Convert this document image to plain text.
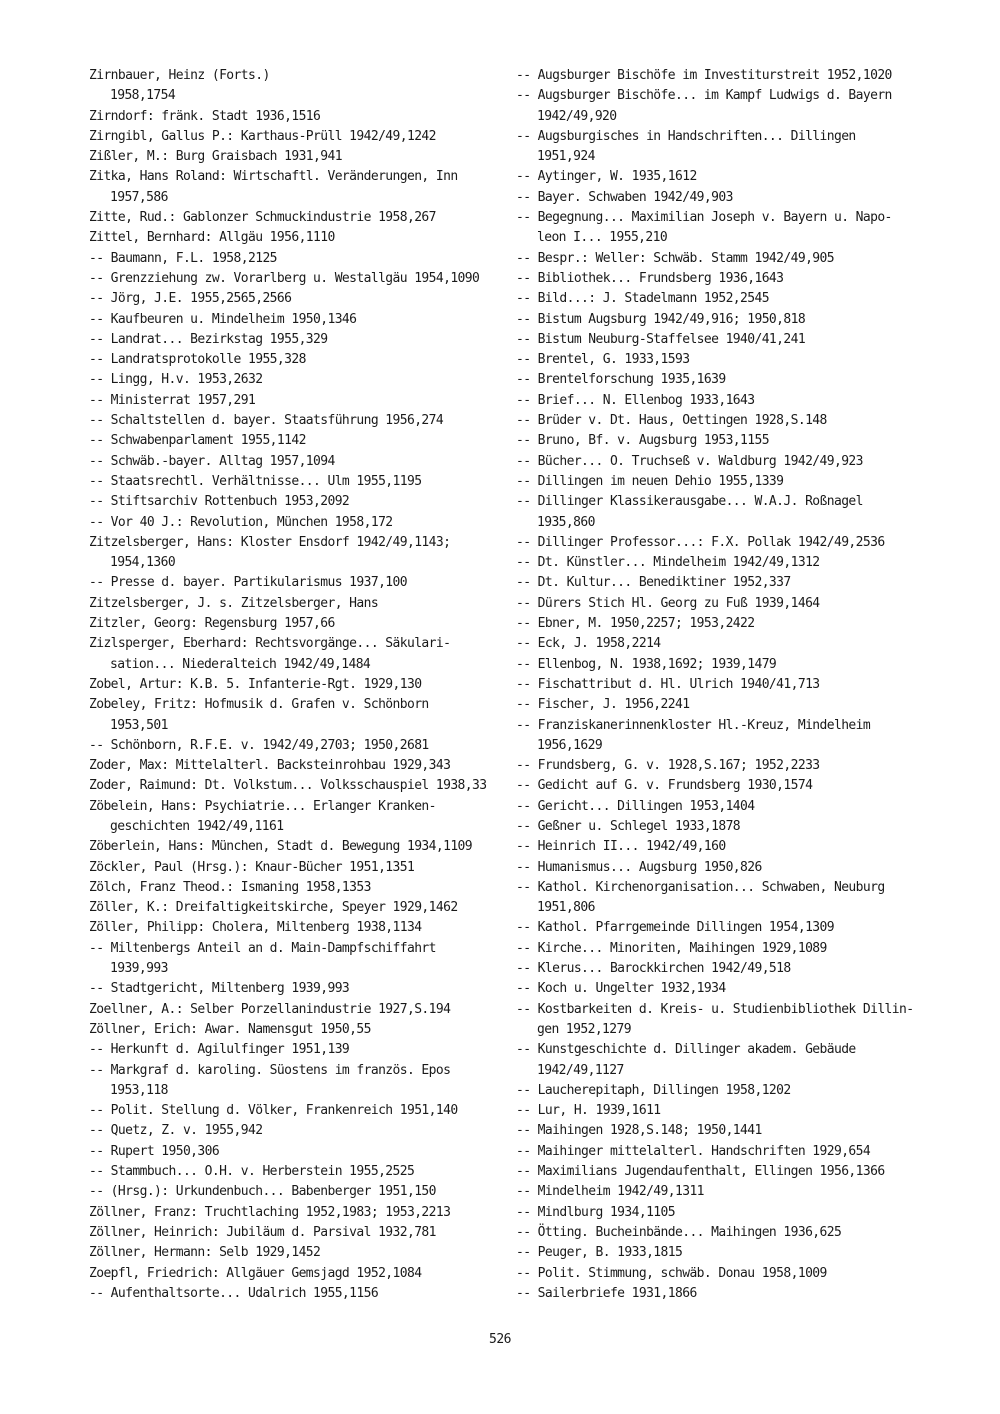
Zirnbauer, Heinz (Forts.)
1958,1754
Zirndorf: fränk. Stadt 1936,1516
Zirngibl, Gallus P.: Karthaus-Prüll 1942/49,1242
Zißler, M.: Burg Graisbach 1931,941
Zitka, Hans Roland: Wirtschaftl. Veränderungen, Inn
1957,586
Zitte, Rud.: Gablonzer Schmuckindustrie 1958,267
Zittel, Bernhard: Allgäu 1956,1110
-- Baumann, F.L. 1958,2125
-- Grenzziehung zw. Vorarlberg u. Westallgäu 1954,1090
-- Jörg, J.E. 1955,2565,2566
-- Kaufbeuren u. Mindelheim 1950,1346
-- Landrat... Bezirkstag 1955,329
-- Landratsprotokolle 1955,328
-- Lingg, H.v. 1953,2632
-- Ministerrat 1957,291
-- Schaltstellen d. bayer. Staatsführung 1956,274
-- Schwabenparlament 1955,1142
-- Schwäb.-bayer. Alltag 1957,1094
-- Staatsrechtl. Verhältnisse... Ulm 1955,1195
-- Stiftsarchiv Rottenbuch 1953,2092
-- Vor 40 J.: Revolution, München 1958,172
Zitzelsberger, Hans: Kloster Ensdorf 1942/49,1143;
1954,1360
-- Presse d. bayer. Partikularismus 1937,100
Zitzelsberger, J. s. Zitzelsberger, Hans
Zitzler, Georg: Regensburg 1957,66
Zizlsperger, Eberhard: Rechtsvorgänge... Säkulari-
sation... Niederalteich 1942/49,1484
Zobel, Artur: K.B. 5. Infanterie-Rgt. 1929,130
Zobeley, Fritz: Hofmusik d. Grafen v. Schönborn
1953,501
-- Schönborn, R.F.E. v. 1942/49,2703; 1950,2681
Zoder, Max: Mittelalterl. Backsteinrohbau 1929,343
Zoder, Raimund: Dt. Volkstum... Volksschauspiel 1938,33
Zöbelein, Hans: Psychiatrie... Erlanger Kranken-
geschichten 1942/49,1161
Zöberlein, Hans: München, Stadt d. Bewegung 1934,1109
Zöckler, Paul (Hrsg.): Knaur-Bücher 1951,1351
Zölch, Franz Theod.: Ismaning 1958,1353
Zöller, K.: Dreifaltigkeitskirche, Speyer 1929,1462
Zöller, Philipp: Cholera, Miltenberg 1938,1134
-- Miltenbergs Anteil an d. Main-Dampfschiffahrt
1939,993
-- Stadtgericht, Miltenberg 1939,993
Zoellner, A.: Selber Porzellanindustrie 1927,S.194
Zöllner, Erich: Awar. Namensgut 1950,55
-- Herkunft d. Agilulfinger 1951,139
-- Markgraf d. karoling. Süostens im französ. Epos
1953,118
-- Polit. Stellung d. Völker, Frankenreich 1951,140
-- Quetz, Z. v. 1955,942
-- Rupert 1950,306
-- Stammbuch... O.H. v. Herberstein 1955,2525
-- (Hrsg.): Urkundenbuch... Babenberger 1951,150
Zöllner, Franz: Truchtlaching 1952,1983; 1953,2213
Zöllner, Heinrich: Jubiläum d. Parsival 1932,781
Zöllner, Hermann: Selb 1929,1452
Zoepfl, Friedrich: Allgäuer Gemsjagd 1952,1084
-- Aufenthaltsorte... Udalrich 1955,1156
-- Augsburger Bischöfe im Investiturstreit 1952,1020
-- Augsburger Bischöfe... im Kampf Ludwigs d. Bayern
1942/49,920
-- Augsburgisches in Handschriften... Dillingen
1951,924
-- Aytinger, W. 1935,1612
-- Bayer. Schwaben 1942/49,903
-- Begegnung... Maximilian Joseph v. Bayern u. Napo-
leon I... 1955,210
-- Bespr.: Weller: Schwäb. Stamm 1942/49,905
-- Bibliothek... Frundsberg 1936,1643
-- Bild...: J. Stadelmann 1952,2545
-- Bistum Augsburg 1942/49,916; 1950,818
-- Bistum Neuburg-Staffelsee 1940/41,241
-- Brentel, G. 1933,1593
-- Brentelforschung 1935,1639
-- Brief... N. Ellenbog 1933,1643
-- Brüder v. Dt. Haus, Oettingen 1928,S.148
-- Bruno, Bf. v. Augsburg 1953,1155
-- Bücher... O. Truchseß v. Waldburg 1942/49,923
-- Dillingen im neuen Dehio 1955,1339
-- Dillinger Klassikerausgabe... W.A.J. Roßnagel
1935,860
-- Dillinger Professor...: F.X. Pollak 1942/49,2536
-- Dt. Künstler... Mindelheim 1942/49,1312
-- Dt. Kultur... Benediktiner 1952,337
-- Dürers Stich Hl. Georg zu Fuß 1939,1464
-- Ebner, M. 1950,2257; 1953,2422
-- Eck, J. 1958,2214
-- Ellenbog, N. 1938,1692; 1939,1479
-- Fischattribut d. Hl. Ulrich 1940/41,713
-- Fischer, J. 1956,2241
-- Franziskanerinnenkloster Hl.-Kreuz, Mindelheim
1956,1629
-- Frundsberg, G. v. 1928,S.167; 1952,2233
-- Gedicht auf G. v. Frundsberg 1930,1574
-- Gericht... Dillingen 1953,1404
-- Geßner u. Schlegel 1933,1878
-- Heinrich II... 1942/49,160
-- Humanismus... Augsburg 1950,826
-- Kathol. Kirchenorganisation... Schwaben, Neuburg
1951,806
-- Kathol. Pfarrgemeinde Dillingen 1954,1309
-- Kirche... Minoriten, Maihingen 1929,1089
-- Klerus... Barockkirchen 1942/49,518
-- Koch u. Ungelter 1932,1934
-- Kostbarkeiten d. Kreis- u. Studienbibliothek Dillin-
gen 1952,1279
-- Kunstgeschichte d. Dillinger akadem. Gebäude
1942/49,1127
-- Laucherepitaph, Dillingen 1958,1202
-- Lur, H. 1939,1611
-- Maihingen 1928,S.148; 1950,1441
-- Maihinger mittelalterl. Handschriften 1929,654
-- Maximilians Jugendaufenthalt, Ellingen 1956,1366
-- Mindelheim 1942/49,1311
-- Mindlburg 1934,1105
-- Ötting. Bucheinbände... Maihingen 1936,625
-- Peuger, B. 1933,1815
-- Polit. Stimmung, schwäb. Donau 1958,1009
-- Sailerbriefe 1931,1866
526
